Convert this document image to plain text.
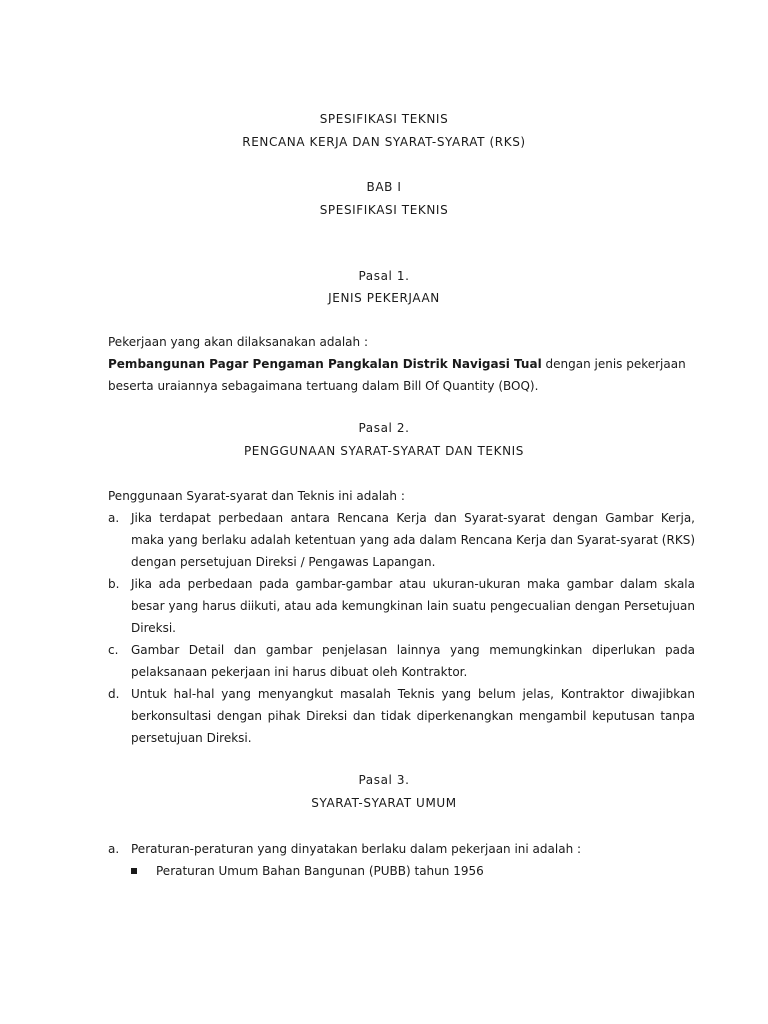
SPESIFIKASI TEKNIS
RENCANA KERJA DAN SYARAT-SYARAT (RKS)
BAB I
SPESIFIKASI TEKNIS
Pasal 1.
JENIS PEKERJAAN
Pekerjaan yang akan dilaksanakan adalah :
Pembangunan Pagar Pengaman Pangkalan Distrik Navigasi Tual dengan jenis pekerjaan beserta uraiannya sebagaimana tertuang dalam Bill Of Quantity (BOQ).
Pasal 2.
PENGGUNAAN SYARAT-SYARAT DAN TEKNIS
Penggunaan Syarat-syarat dan Teknis ini adalah :
a. Jika terdapat perbedaan antara Rencana Kerja dan Syarat-syarat dengan Gambar Kerja, maka yang berlaku adalah ketentuan yang ada dalam Rencana Kerja dan Syarat-syarat (RKS) dengan persetujuan Direksi / Pengawas Lapangan.
b. Jika ada perbedaan pada gambar-gambar atau ukuran-ukuran maka gambar dalam skala besar yang harus diikuti, atau ada kemungkinan lain suatu pengecualian dengan Persetujuan Direksi.
c. Gambar Detail dan gambar penjelasan lainnya yang memungkinkan diperlukan pada pelaksanaan pekerjaan ini harus dibuat oleh Kontraktor.
d. Untuk hal-hal yang menyangkut masalah Teknis yang belum jelas, Kontraktor diwajibkan berkonsultasi dengan pihak Direksi dan tidak diperkenangkan mengambil keputusan tanpa persetujuan Direksi.
Pasal 3.
SYARAT-SYARAT UMUM
a. Peraturan-peraturan yang dinyatakan berlaku dalam pekerjaan ini adalah :
Peraturan Umum Bahan Bangunan (PUBB) tahun 1956
